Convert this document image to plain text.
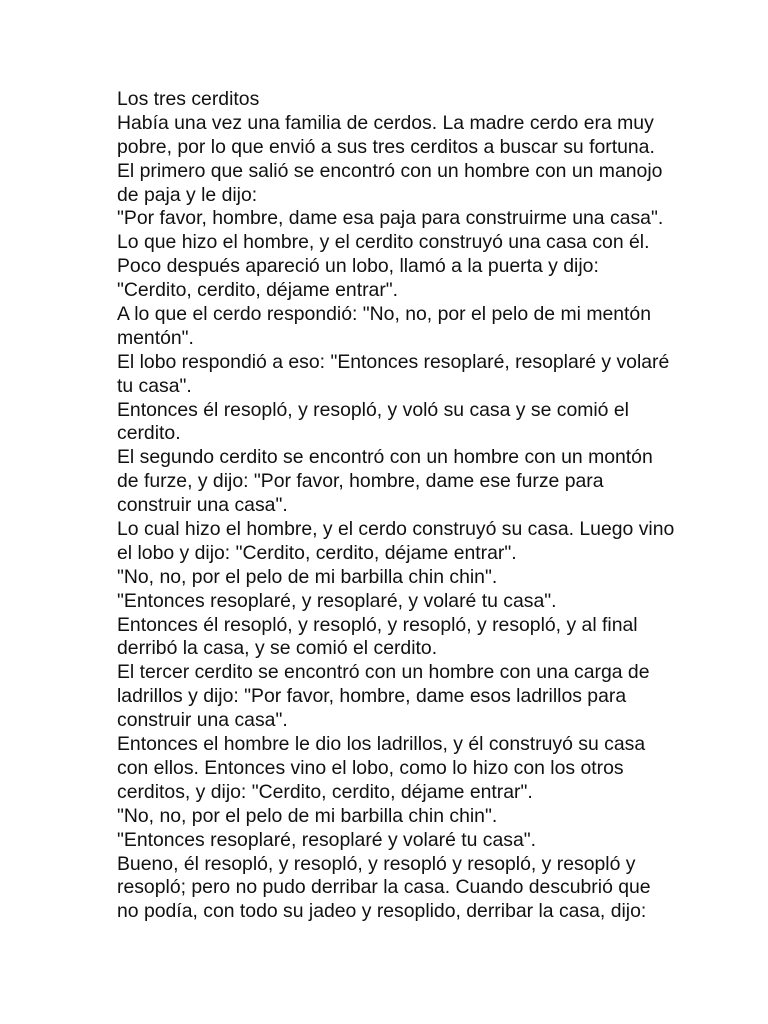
Los tres cerditos
Había una vez una familia de cerdos. La madre cerdo era muy
pobre, por lo que envió a sus tres cerditos a buscar su fortuna.
El primero que salió se encontró con un hombre con un manojo
de paja y le dijo:
"Por favor, hombre, dame esa paja para construirme una casa".
Lo que hizo el hombre, y el cerdito construyó una casa con él.
Poco después apareció un lobo, llamó a la puerta y dijo:
"Cerdito, cerdito, déjame entrar".
A lo que el cerdo respondió: "No, no, por el pelo de mi mentón
mentón".
El lobo respondió a eso: "Entonces resoplaré, resoplaré y volaré
tu casa".
Entonces él resopló, y resopló, y voló su casa y se comió el
cerdito.
El segundo cerdito se encontró con un hombre con un montón
de furze, y dijo: "Por favor, hombre, dame ese furze para
construir una casa".
Lo cual hizo el hombre, y el cerdo construyó su casa. Luego vino
el lobo y dijo: "Cerdito, cerdito, déjame entrar".
"No, no, por el pelo de mi barbilla chin chin".
"Entonces resoplaré, y resoplaré, y volaré tu casa".
Entonces él resopló, y resopló, y resopló, y resopló, y al final
derribó la casa, y se comió el cerdito.
El tercer cerdito se encontró con un hombre con una carga de
ladrillos y dijo: "Por favor, hombre, dame esos ladrillos para
construir una casa".
Entonces el hombre le dio los ladrillos, y él construyó su casa
con ellos. Entonces vino el lobo, como lo hizo con los otros
cerditos, y dijo: "Cerdito, cerdito, déjame entrar".
"No, no, por el pelo de mi barbilla chin chin".
"Entonces resoplaré, resoplaré y volaré tu casa".
Bueno, él resopló, y resopló, y resopló y resopló, y resopló y
resopló; pero no pudo derribar la casa. Cuando descubrió que
no podía, con todo su jadeo y resoplido, derribar la casa, dijo:
